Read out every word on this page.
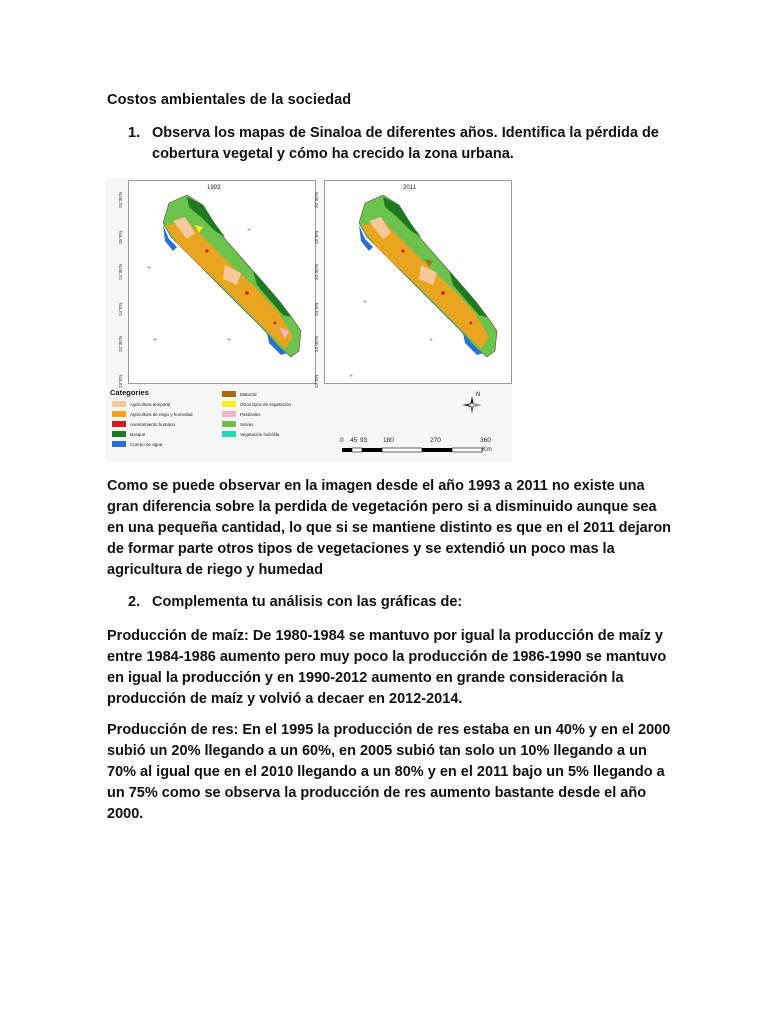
Costos ambientales de la sociedad
1. Observa los mapas de Sinaloa de diferentes años. Identifica la pérdida de cobertura vegetal y cómo ha crecido la zona urbana.
1993
+
+	+
+	+
2011
+
+
+
25°30'N
25°0'N
24°30'N
24°0'N
23°30'N
23°0'N
25°30'N
25°0'N
24°30'N
24°0'N
23°30'N
23°0'N
Categories
Agricultura temporal
Agricultura de riego y humedad
Asentamiento humano
Bosque
Cuerpo de agua
Matorral
Otros tipos de vegetación
Pastizales
Selvas
Vegetación hidrófila
N
0 45 93 180	270	360
Km
Como se puede observar en la imagen desde el año 1993 a 2011 no existe una gran diferencia sobre la perdida de vegetación pero si a disminuido aunque sea en una pequeña cantidad, lo que si se mantiene distinto es que en el 2011 dejaron de formar parte otros tipos de vegetaciones y se extendió un poco mas la agricultura de riego y humedad
2. Complementa tu análisis con las gráficas de:
Producción de maíz: De 1980-1984 se mantuvo por igual la producción de maíz y entre 1984-1986 aumento pero muy poco la producción de 1986-1990 se mantuvo en igual la producción y en 1990-2012 aumento en grande consideración la producción de maíz y volvió a decaer en 2012-2014.
Producción de res: En el 1995 la producción de res estaba en un 40% y en el 2000 subió un 20% llegando a un 60%, en 2005 subió tan solo un 10% llegando a un 70% al igual que en el 2010 llegando a un 80% y en el 2011 bajo un 5% llegando a un 75% como se observa la producción de res aumento bastante desde el año 2000.
